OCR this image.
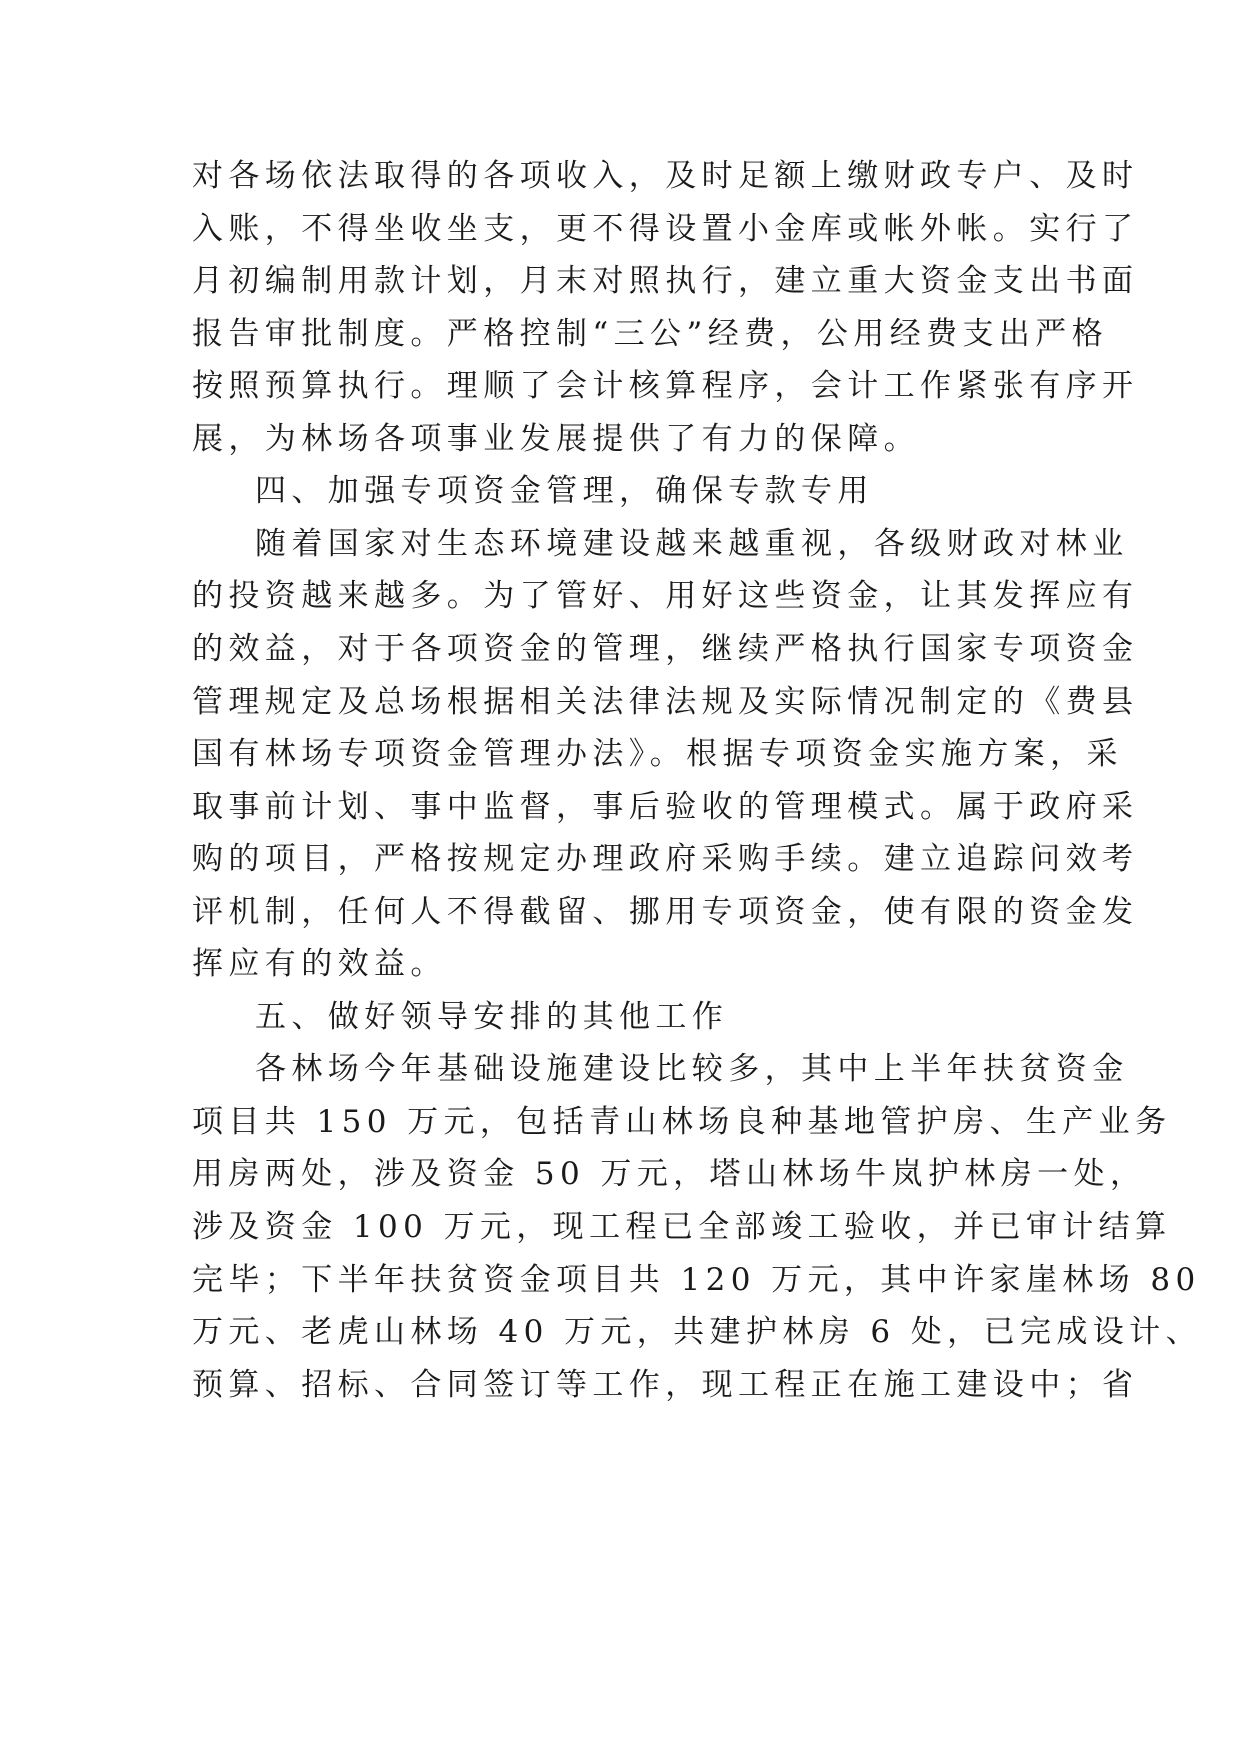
对各场依法取得的各项收入，及时足额上缴财政专户、及时
入账，不得坐收坐支，更不得设置小金库或帐外帐。实行了
月初编制用款计划，月末对照执行，建立重大资金支出书面
报告审批制度。严格控制“三公”经费，公用经费支出严格
按照预算执行。理顺了会计核算程序，会计工作紧张有序开
展，为林场各项事业发展提供了有力的保障。
四、加强专项资金管理，确保专款专用
随着国家对生态环境建设越来越重视，各级财政对林业
的投资越来越多。为了管好、用好这些资金，让其发挥应有
的效益，对于各项资金的管理，继续严格执行国家专项资金
管理规定及总场根据相关法律法规及实际情况制定的《费县
国有林场专项资金管理办法》。根据专项资金实施方案，采
取事前计划、事中监督，事后验收的管理模式。属于政府采
购的项目，严格按规定办理政府采购手续。建立追踪问效考
评机制，任何人不得截留、挪用专项资金，使有限的资金发
挥应有的效益。
五、做好领导安排的其他工作
各林场今年基础设施建设比较多，其中上半年扶贫资金
项目共 150 万元，包括青山林场良种基地管护房、生产业务
用房两处，涉及资金 50 万元，塔山林场牛岚护林房一处，
涉及资金 100 万元，现工程已全部竣工验收，并已审计结算
完毕；下半年扶贫资金项目共 120 万元，其中许家崖林场 80
万元、老虎山林场 40 万元，共建护林房 6 处，已完成设计、
预算、招标、合同签订等工作，现工程正在施工建设中；省
